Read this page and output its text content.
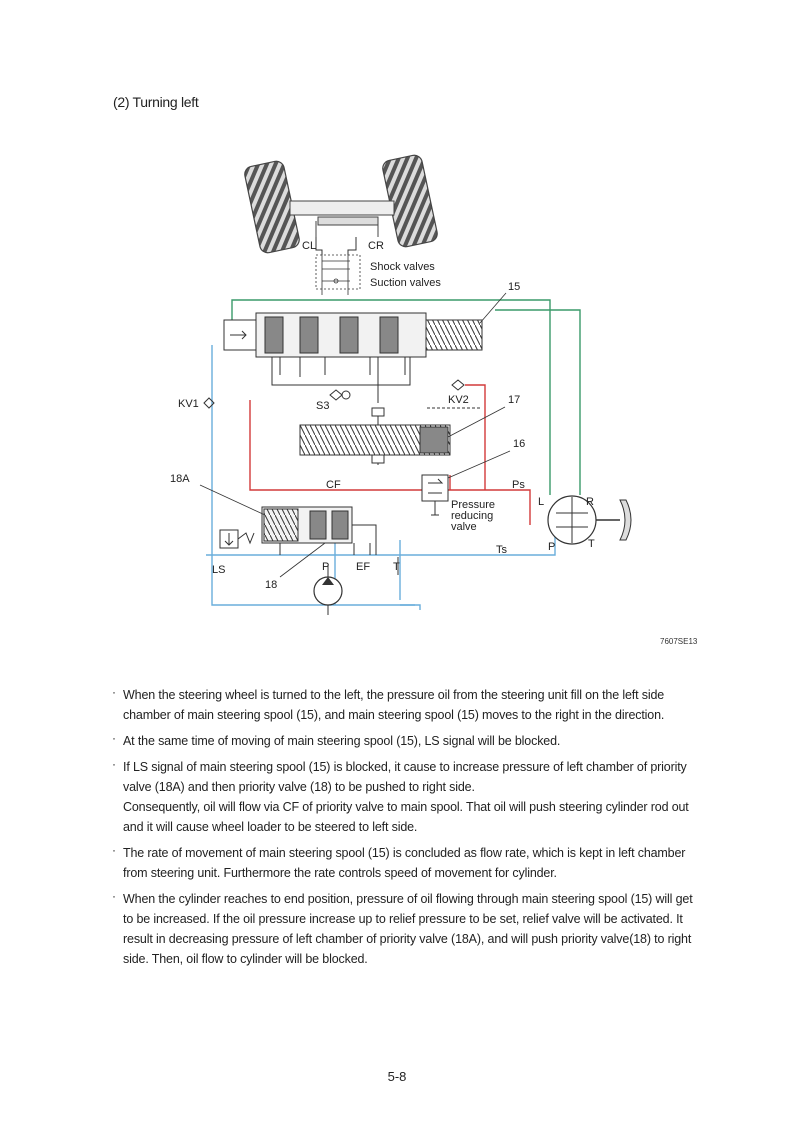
(2) Turning left
CL	CR
Shock valves
Suction valves	15
KV1	S3	KV2	17
16
Pressure
reducing
valve
CF	Ps
L	R
Ts	P	T
18A
LS
18
P EF T
7607SE13
· When the steering wheel is turned to the left, the pressure oil from the steering unit fill on the left side chamber of main steering spool (15), and main steering spool (15) moves to the right in the direction.
· At the same time of moving of main steering spool (15), LS signal will be blocked.
· If LS signal of main steering spool (15) is blocked, it cause to increase pressure of left chamber of priority valve (18A) and then priority valve (18) to be pushed to right side.
Consequently, oil will flow via CF of priority valve to main spool. That oil will push steering cylinder rod out and it will cause wheel loader to be steered to left side.
· The rate of movement of main steering spool (15) is concluded as flow rate, which is kept in left chamber from steering unit. Furthermore the rate controls speed of movement for cylinder.
· When the cylinder reaches to end position, pressure of oil flowing through main steering spool (15) will get to be increased. If the oil pressure increase up to relief pressure to be set, relief valve will be activated. It result in decreasing pressure of left chamber of priority valve (18A), and will push priority valve(18) to right side. Then, oil flow to cylinder will be blocked.
5-8
